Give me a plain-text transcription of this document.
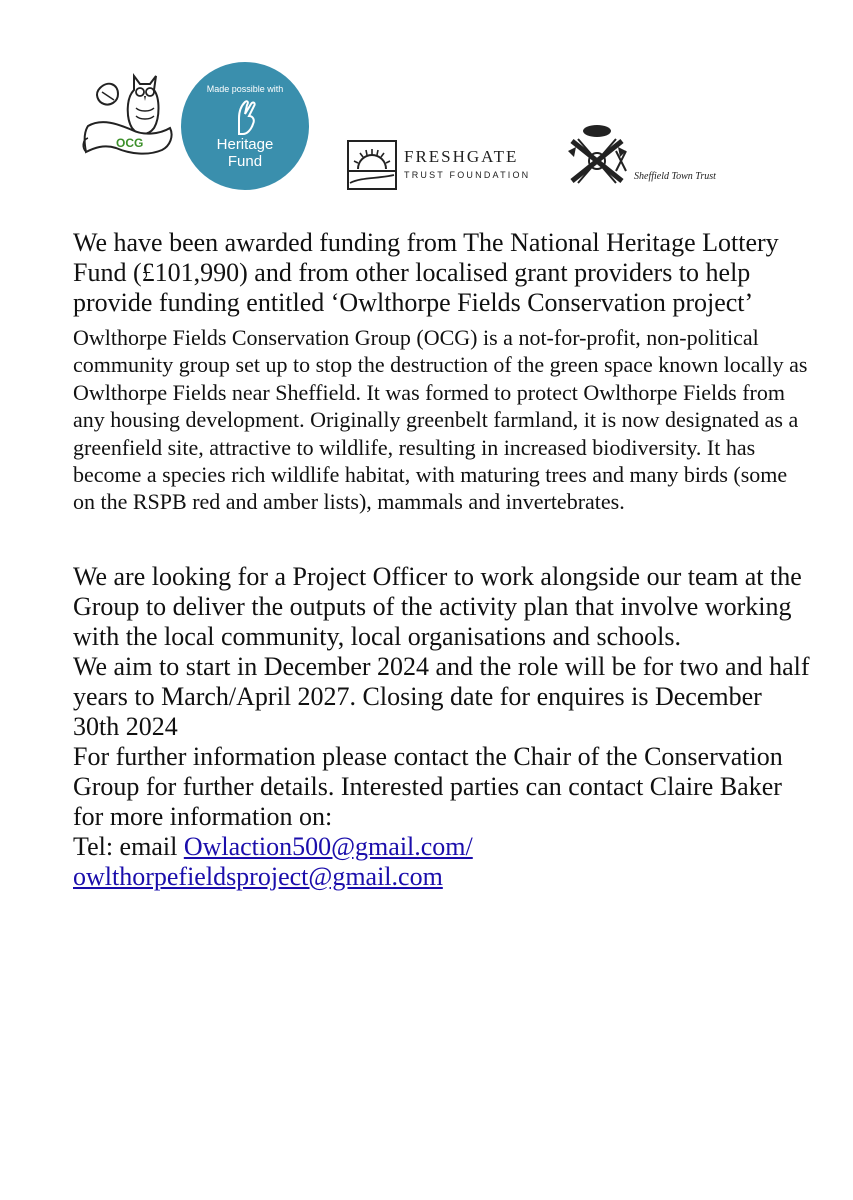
OCG
Made possible with
Heritage
Fund	FRESHGATE
TRUST FOUNDATION	Sheffield Town Trust

We have been awarded funding from The National Heritage Lottery Fund (£101,990) and from other localised grant providers to help provide funding entitled ‘Owlthorpe Fields Conservation project’

Owlthorpe Fields Conservation Group (OCG) is a not-for-profit, non-political community group set up to stop the destruction of the green space known locally as Owlthorpe Fields near Sheffield. It was formed to protect Owlthorpe Fields from any housing development. Originally greenbelt farmland, it is now designated as a greenfield site, attractive to wildlife, resulting in increased biodiversity. It has become a species rich wildlife habitat, with maturing trees and many birds (some on the RSPB red and amber lists), mammals and invertebrates.

We are looking for a Project Officer to work alongside our team at the Group to deliver the outputs of the activity plan that involve working with the local community, local organisations and schools.

We aim to start in December 2024 and the role will be for two and half years to March/April 2027. Closing date for enquires is December 30th 2024

For further information please contact the Chair of the Conservation Group for further details. Interested parties can contact Claire Baker for more information on:

Tel: email Owlaction500@gmail.com/
owlthorpefieldsproject@gmail.com
